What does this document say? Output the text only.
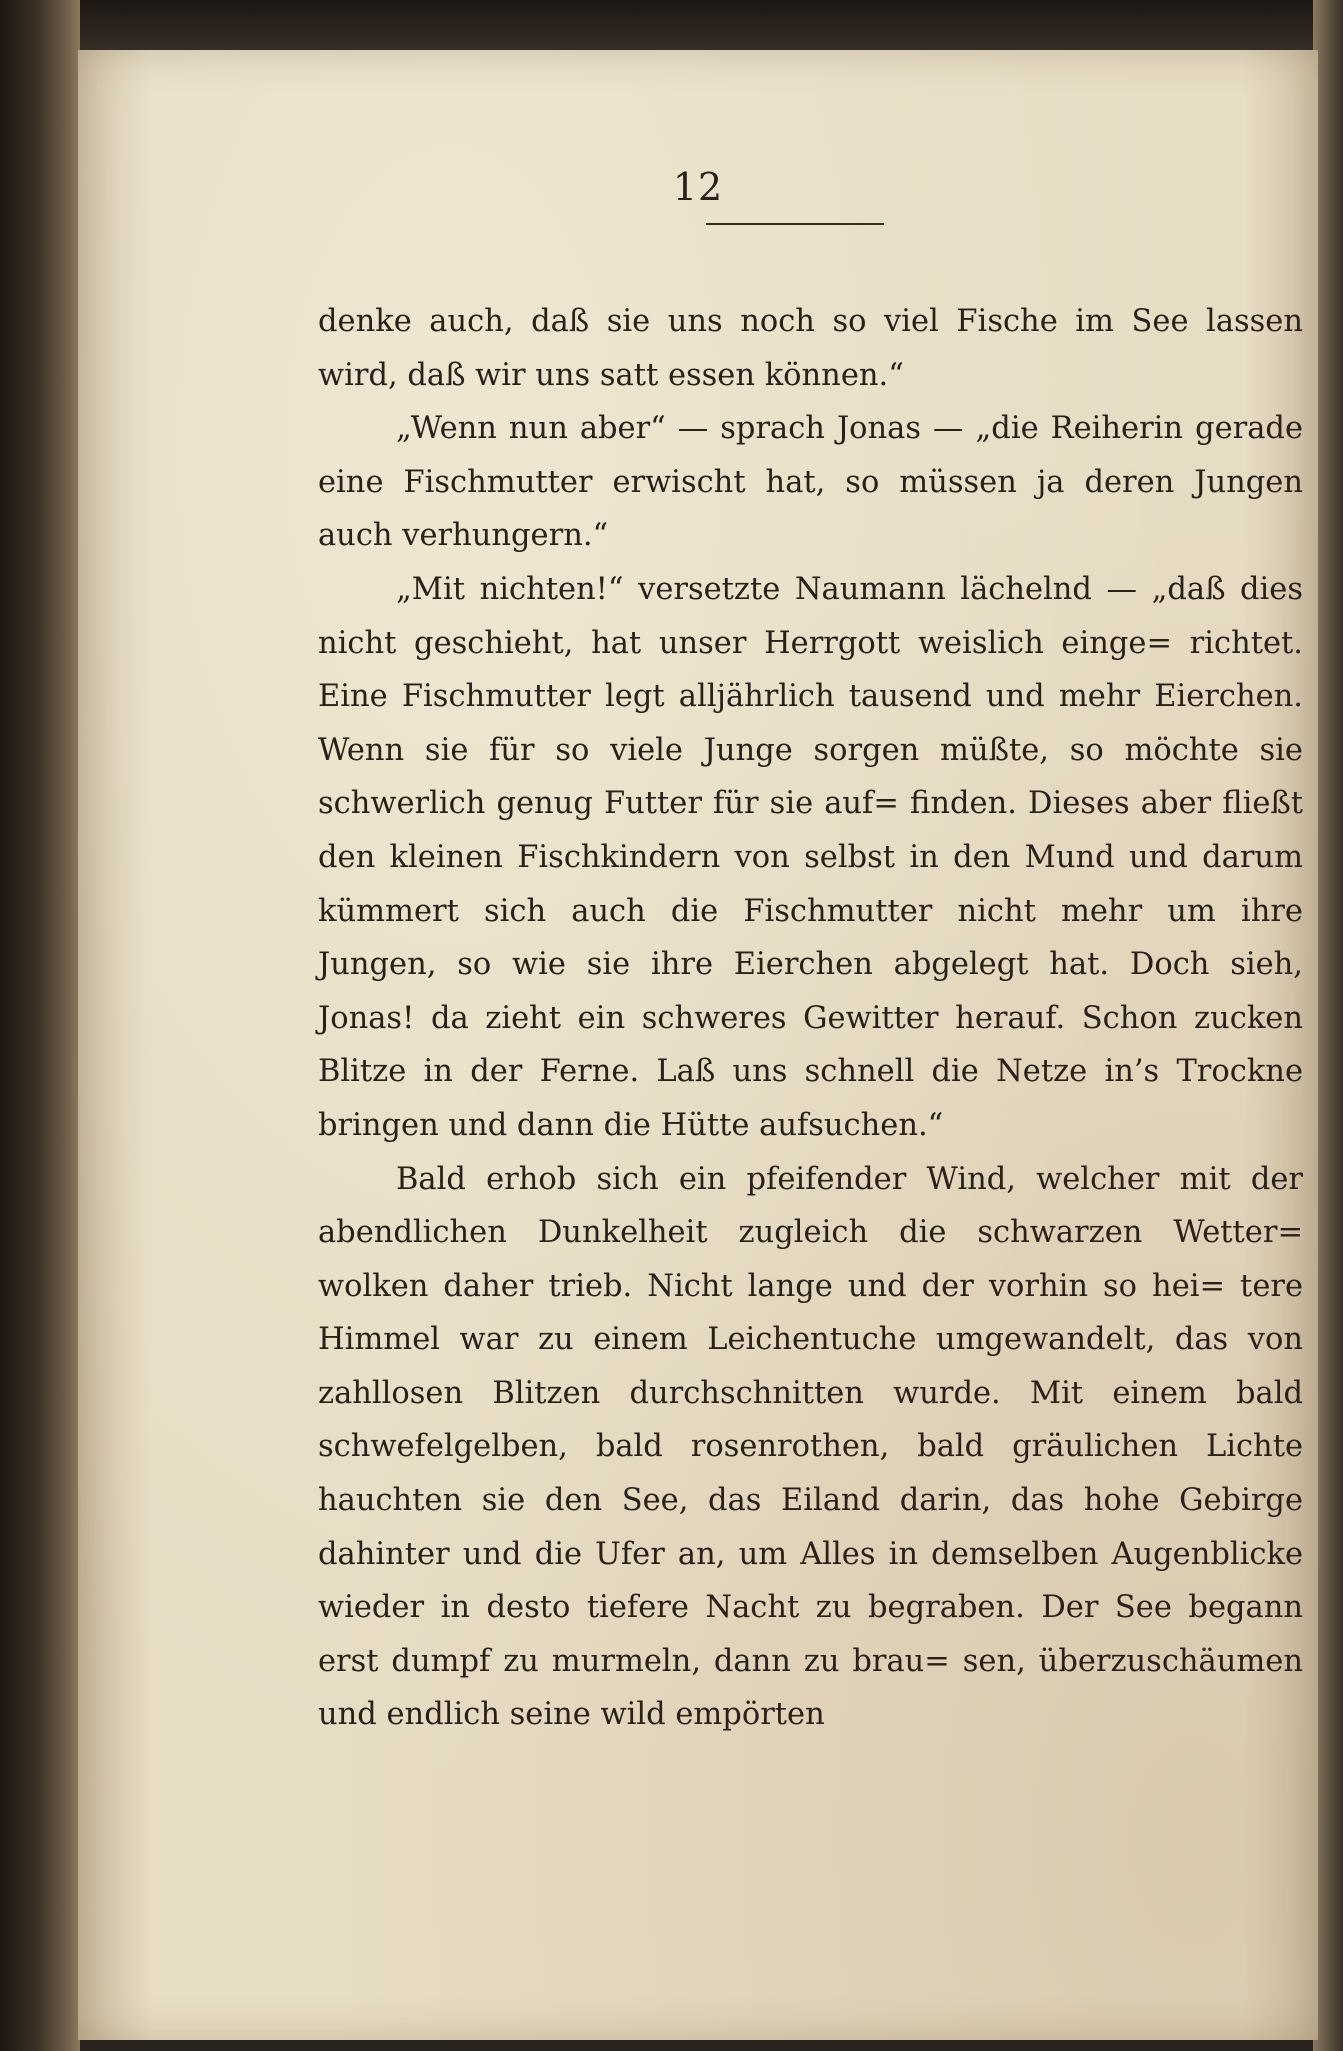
12

denke auch, daß sie uns noch so viel Fische im See lassen wird, daß wir uns satt essen können.“

„Wenn nun aber“ — sprach Jonas — „die Reiherin gerade eine Fischmutter erwischt hat, so müssen ja deren Jungen auch verhungern.“

„Mit nichten!“ versetzte Naumann lächelnd — „daß dies nicht geschieht, hat unser Herrgott weislich einge= richtet. Eine Fischmutter legt alljährlich tausend und mehr Eierchen. Wenn sie für so viele Junge sorgen müßte, so möchte sie schwerlich genug Futter für sie auf= finden. Dieses aber fließt den kleinen Fischkindern von selbst in den Mund und darum kümmert sich auch die Fischmutter nicht mehr um ihre Jungen, so wie sie ihre Eierchen abgelegt hat. Doch sieh, Jonas! da zieht ein schweres Gewitter herauf. Schon zucken Blitze in der Ferne. Laß uns schnell die Netze in’s Trockne bringen und dann die Hütte aufsuchen.“

Bald erhob sich ein pfeifender Wind, welcher mit der abendlichen Dunkelheit zugleich die schwarzen Wetter= wolken daher trieb. Nicht lange und der vorhin so hei= tere Himmel war zu einem Leichentuche umgewandelt, das von zahllosen Blitzen durchschnitten wurde. Mit einem bald schwefelgelben, bald rosenrothen, bald gräulichen Lichte hauchten sie den See, das Eiland darin, das hohe Gebirge dahinter und die Ufer an, um Alles in demselben Augenblicke wieder in desto tiefere Nacht zu begraben. Der See begann erst dumpf zu murmeln, dann zu brau= sen, überzuschäumen und endlich seine wild empörten
